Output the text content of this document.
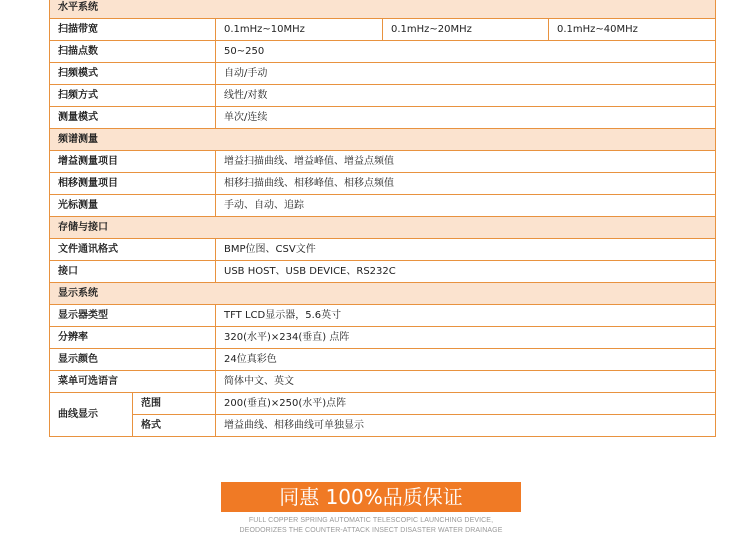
水平系统				
扫描带宽		0.1mHz~10MHz	0.1mHz~20MHz	0.1mHz~40MHz
扫描点数		50~250		
扫频模式		自动/手动		
扫频方式		线性/对数		
测量模式		单次/连续		
频谱测量				
增益测量项目		增益扫描曲线、增益峰值、增益点频值		
相移测量项目		相移扫描曲线、相移峰值、相移点频值		
光标测量		手动、自动、追踪		
存储与接口				
文件通讯格式		BMP位图、CSV文件		
接口		USB HOST、USB DEVICE、RS232C		
显示系统				
显示器类型		TFT LCD显示器，5.6英寸		
分辨率		320(水平)×234(垂直) 点阵		
显示颜色		24位真彩色		
菜单可选语言		简体中文、英文		
曲线显示	范围	200(垂直)×250(水平)点阵		
	格式	增益曲线、相移曲线可单独显示		
同惠 100%品质保证
FULL COPPER SPRING AUTOMATIC TELESCOPIC LAUNCHING DEVICE,
DEODORIZES THE COUNTER-ATTACK INSECT DISASTER WATER DRAINAGE
